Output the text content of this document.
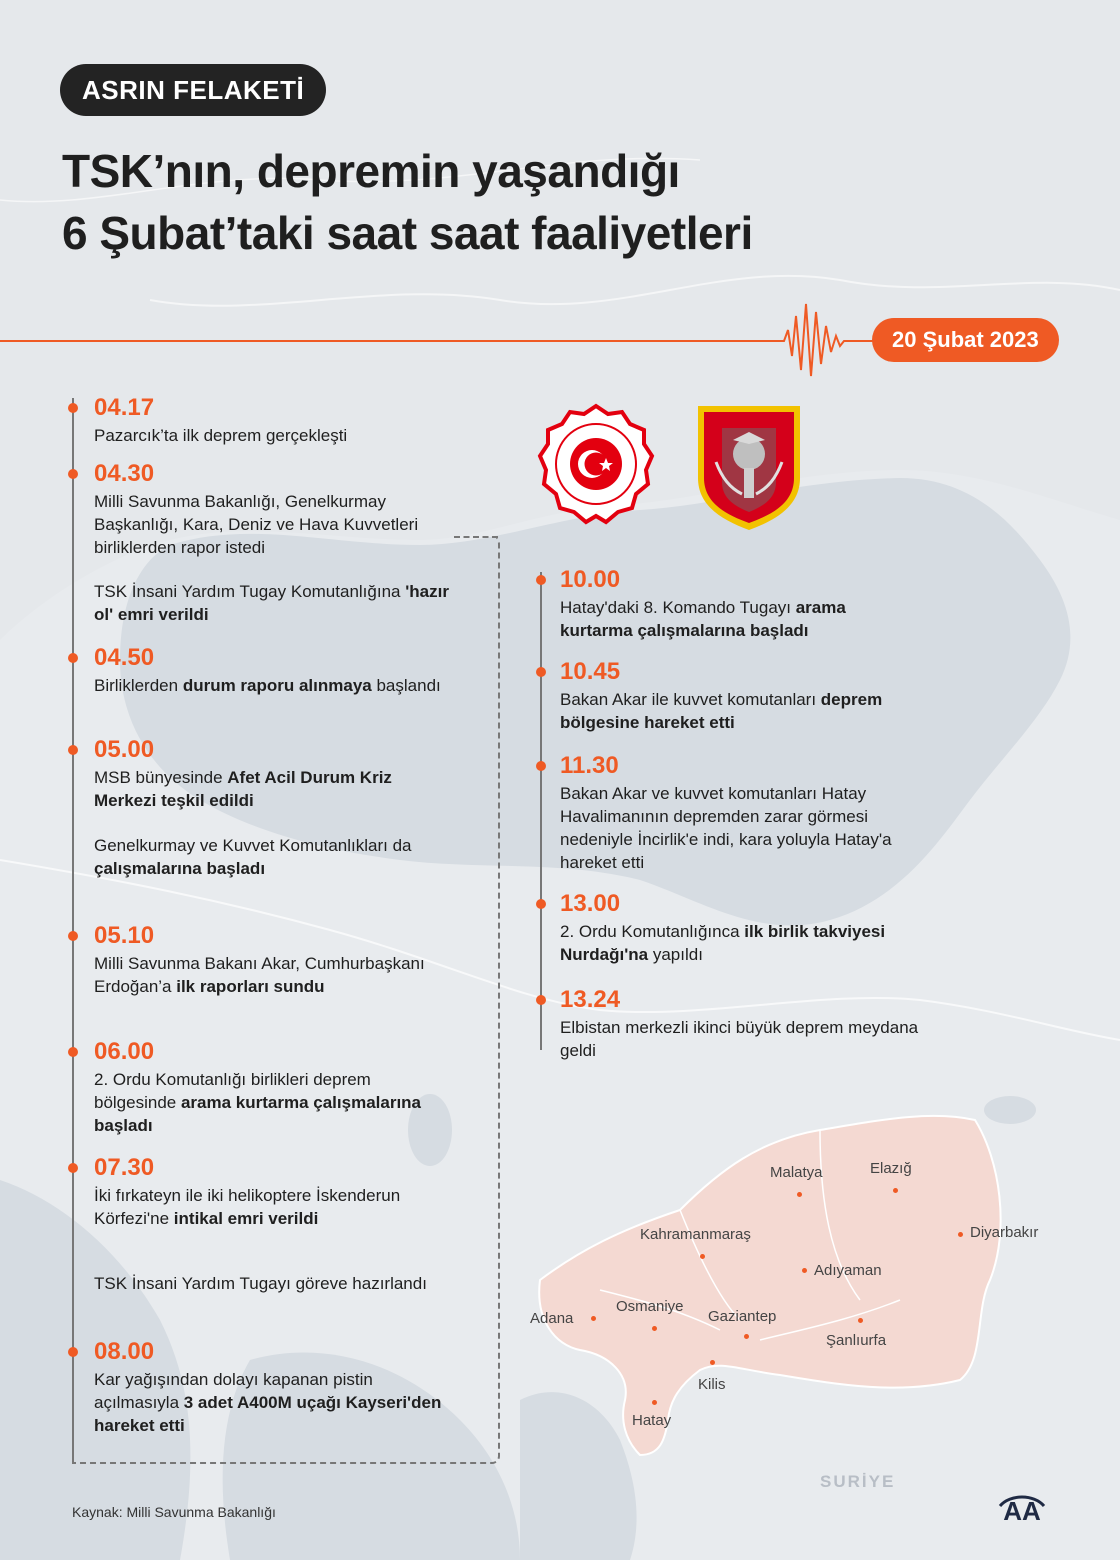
ASRIN FELAKETİ
TSK’nın, depremin yaşandığı
6 Şubat’taki saat saat faaliyetleri
20 Şubat 2023
Malatya	Elazığ
Diyarbakır
Kahramanmaraş
Adıyaman
Adana
Osmaniye
Gaziantep
Şanlıurfa
Kilis
Hatay
SURİYE
Kaynak: Milli Savunma Bakanlığı	AA
04.17
Pazarcık’ta ilk deprem gerçekleşti
04.30
Milli Savunma Bakanlığı, Genelkurmay Başkanlığı, Kara, Deniz ve Hava Kuvvetleri birliklerden rapor istedi
TSK İnsani Yardım Tugay Komutanlığına 'hazır ol' emri verildi
04.50
Birliklerden durum raporu alınmaya başlandı
05.00
MSB bünyesinde Afet Acil Durum Kriz Merkezi teşkil edildi
Genelkurmay ve Kuvvet Komutanlıkları da çalışmalarına başladı
05.10
Milli Savunma Bakanı Akar, Cumhurbaşkanı Erdoğan’a ilk raporları sundu
06.00
2. Ordu Komutanlığı birlikleri deprem bölgesinde arama kurtarma çalışmalarına başladı
07.30
İki fırkateyn ile iki helikoptere İskenderun Körfezi'ne intikal emri verildi
TSK İnsani Yardım Tugayı göreve hazırlandı
08.00
Kar yağışından dolayı kapanan pistin açılmasıyla 3 adet A400M uçağı Kayseri'den hareket etti
10.00
Hatay'daki 8. Komando Tugayı arama kurtarma çalışmalarına başladı
10.45
Bakan Akar ile kuvvet komutanları deprem bölgesine hareket etti
11.30
Bakan Akar ve kuvvet komutanları Hatay Havalimanının depremden zarar görmesi nedeniyle İncirlik'e indi, kara yoluyla Hatay'a hareket etti
13.00
2. Ordu Komutanlığınca ilk birlik takviyesi Nurdağı'na yapıldı
13.24
Elbistan merkezli ikinci büyük deprem meydana geldi
